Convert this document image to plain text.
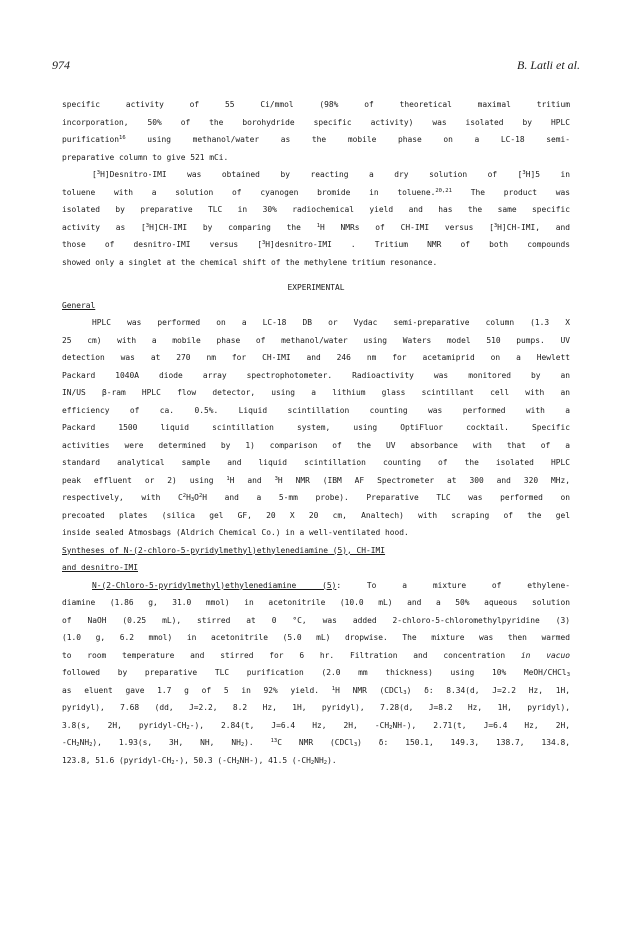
974	B. Latli et al.
specific activity of 55 Ci/mmol (98% of theoretical maximal tritium
incorporation, 50% of the borohydride specific activity) was isolated by HPLC
purification$^{16}$	using methanol/water as the mobile phase on a LC-18 semi-
preparative column to give 521 mCi.
[$^3$H]Desnitro-IMI was obtained by reacting a dry solution of [$^3$H]5 in
toluene with a solution of cyanogen bromide in toluene.$^{20,21}$ The product was
isolated by preparative TLC in 30% radiochemical yield and has the same specific
activity as [$^3$H]CH-IMI by comparing the	$^1$H NMRs of CH-IMI versus [$^3$H]CH-IMI, and
those of desnitro-IMI versus [$^3$H]desnitro-IMI . Tritium NMR of both compounds
showed only a singlet at the chemical shift of the methylene tritium resonance.
EXPERIMENTAL
General
HPLC was performed on a LC-18 DB or Vydac semi-preparative column (1.3 X
25 cm) with a mobile phase of methanol/water using Waters model 510 pumps. UV
detection was at 270 nm for CH-IMI and 246 nm for acetamiprid on a Hewlett
Packard 1040A diode array spectrophotometer. Radioactivity was monitored by an
IN/US β-ram HPLC flow detector, using a lithium glass scintillant cell with an
efficiency of ca. 0.5%. Liquid scintillation counting was performed with a
Packard 1500 liquid scintillation system, using OptiFluor cocktail. Specific
activities were determined by 1) comparison of the UV absorbance with that of a
standard analytical sample and liquid scintillation counting of the isolated HPLC
peak effluent or 2) using $^1$H and $^3$H NMR (IBM AF Spectrometer at 300 and 320 MHz,
respectively, with $C^2H_3O^2H$ and a 5-mm probe). Preparative TLC was performed on
precoated plates (silica gel GF, 20 X 20 cm, Analtech) with scraping of the gel
inside sealed Atmosbags (Aldrich Chemical Co.) in a well-ventilated hood.
Syntheses of N-(2-chloro-5-pyridylmethyl)ethylenediamine (5), CH-IMI
and desnitro-IMI
N-(2-Chloro-5-pyridylmethyl)ethylenediamine (5): To a mixture of ethylene-
diamine (1.86 g, 31.0 mmol) in acetonitrile (10.0 mL) and a 50% aqueous solution
of NaOH (0.25 mL), stirred at 0 °C, was added 2-chloro-5-chloromethylpyridine (3)
(1.0 g, 6.2 mmol) in acetonitrile (5.0 mL) dropwise. The mixture was then warmed
to room temperature and stirred for 6 hr. Filtration and concentration in vacuo
followed by preparative TLC purification (2.0 mm thickness) using 10% MeOH/CHCl$_3$
as eluent gave 1.7 g of 5 in 92% yield. $^1$H NMR (CDCl$_3$) δ: 8.34(d, J=2.2 Hz, 1H,
pyridyl), 7.68 (dd, J=2.2, 8.2 Hz, 1H, pyridyl), 7.28(d, J=8.2 Hz, 1H, pyridyl),
3.8(s, 2H, pyridyl-$CH_2-$), 2.84(t, J=6.4 Hz, 2H, $-CH_2NH-$), 2.71(t, J=6.4 Hz, 2H,
$-CH_2NH_2$), 1.93(s, 3H, NH, $NH_2$).	$^{13}$C NMR (CDCl$_3$) δ: 150.1, 149.3, 138.7, 134.8,
123.8, 51.6 $(pyridyl-CH_2-)$, 50.3 $(-CH_2NH-)$, 41.5 $(-CH_2NH_2)$.
